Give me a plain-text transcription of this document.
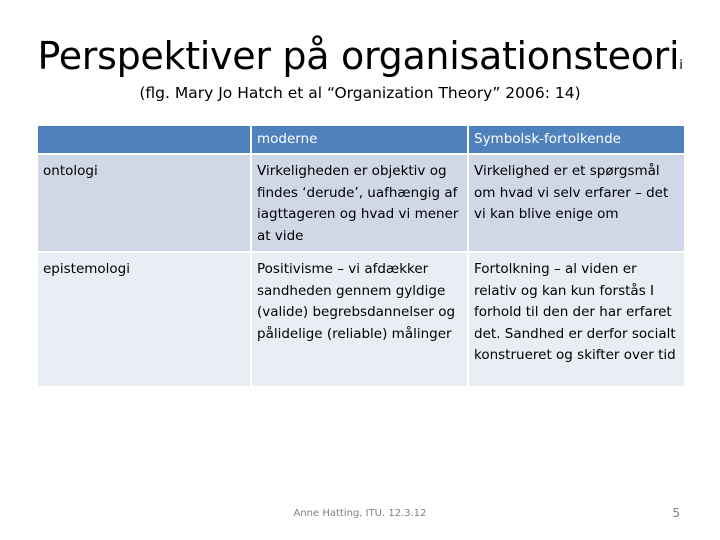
Perspektiver på organisationsteorii
(flg. Mary Jo Hatch et al “Organization Theory” 2006: 14)
	moderne	Symbolsk-fortolkende
ontologi	Virkeligheden er objektiv og findes ‘derude’, uafhængig af iagttageren og hvad vi mener at vide	Virkelighed er et spørgsmål om hvad vi selv erfarer – det vi kan blive enige om
epistemologi	Positivisme – vi afdækker sandheden gennem gyldige (valide) begrebsdannelser og pålidelige (reliable) målinger	Fortolkning – al viden er relativ og kan kun forstås I forhold til den der har erfaret det. Sandhed er derfor socialt konstrueret og skifter over tid
Anne Hatting, ITU. 12.3.12	5
